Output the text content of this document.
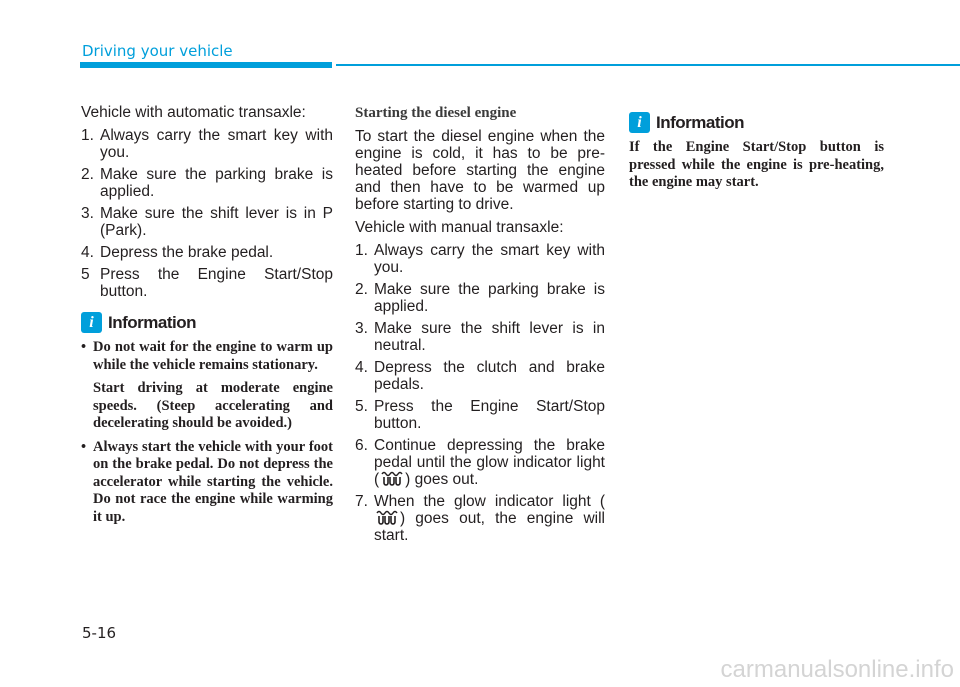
Driving your vehicle

Vehicle with automatic transaxle:

1. Always carry the smart key with you.
2. Make sure the parking brake is applied.
3. Make sure the shift lever is in P (Park).
4. Depress the brake pedal.
5 Press the Engine Start/Stop button.
i Information
• Do not wait for the engine to warm up while the vehicle remains stationary.

Start driving at moderate engine speeds. (Steep accelerating and decelerating should be avoided.)

• Always start the vehicle with your foot on the brake pedal. Do not depress the accelerator while starting the vehicle. Do not race the engine while warming it up.

Starting the diesel engine

To start the diesel engine when the engine is cold, it has to be pre-heated before starting the engine and then have to be warmed up before starting to drive.

Vehicle with manual transaxle:

1. Always carry the smart key with you.
2. Make sure the parking brake is applied.
3. Make sure the shift lever is in neutral.
4. Depress the clutch and brake pedals.
5. Press the Engine Start/Stop button.
6. Continue depressing the brake pedal until the glow indicator light ( ) goes out.
7. When the glow indicator light () goes out, the engine will start.
i Information

If the Engine Start/Stop button is pressed while the engine is pre-heating, the engine may start.

5-16
carmanualsonline.info
